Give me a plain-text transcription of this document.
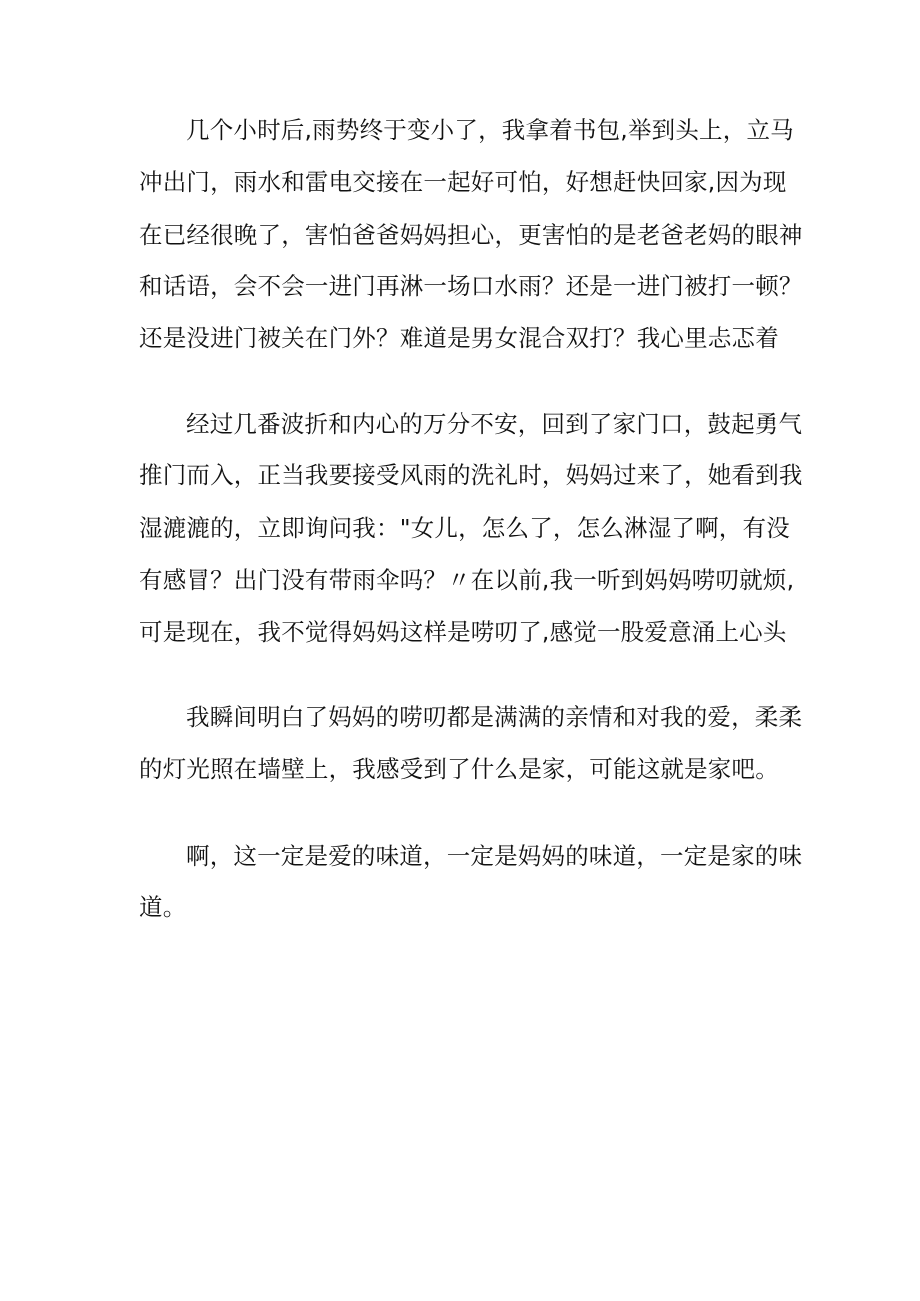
几个小时后,雨势终于变小了，我拿着书包,举到头上，立马
冲出门，雨水和雷电交接在一起好可怕，好想赶快回家,因为现
在已经很晚了，害怕爸爸妈妈担心，更害怕的是老爸老妈的眼神
和话语，会不会一进门再淋一场口水雨？还是一进门被打一顿？
还是没进门被关在门外？难道是男女混合双打？我心里忐忑着
经过几番波折和内心的万分不安，回到了家门口，鼓起勇气
推门而入，正当我要接受风雨的洗礼时，妈妈过来了，她看到我
湿漉漉的，立即询问我："女儿，怎么了，怎么淋湿了啊，有没
有感冒？出门没有带雨伞吗？〃在以前,我一听到妈妈唠叨就烦,
可是现在，我不觉得妈妈这样是唠叨了,感觉一股爱意涌上心头
我瞬间明白了妈妈的唠叨都是满满的亲情和对我的爱，柔柔
的灯光照在墙壁上，我感受到了什么是家，可能这就是家吧。
啊，这一定是爱的味道，一定是妈妈的味道，一定是家的味
道。
